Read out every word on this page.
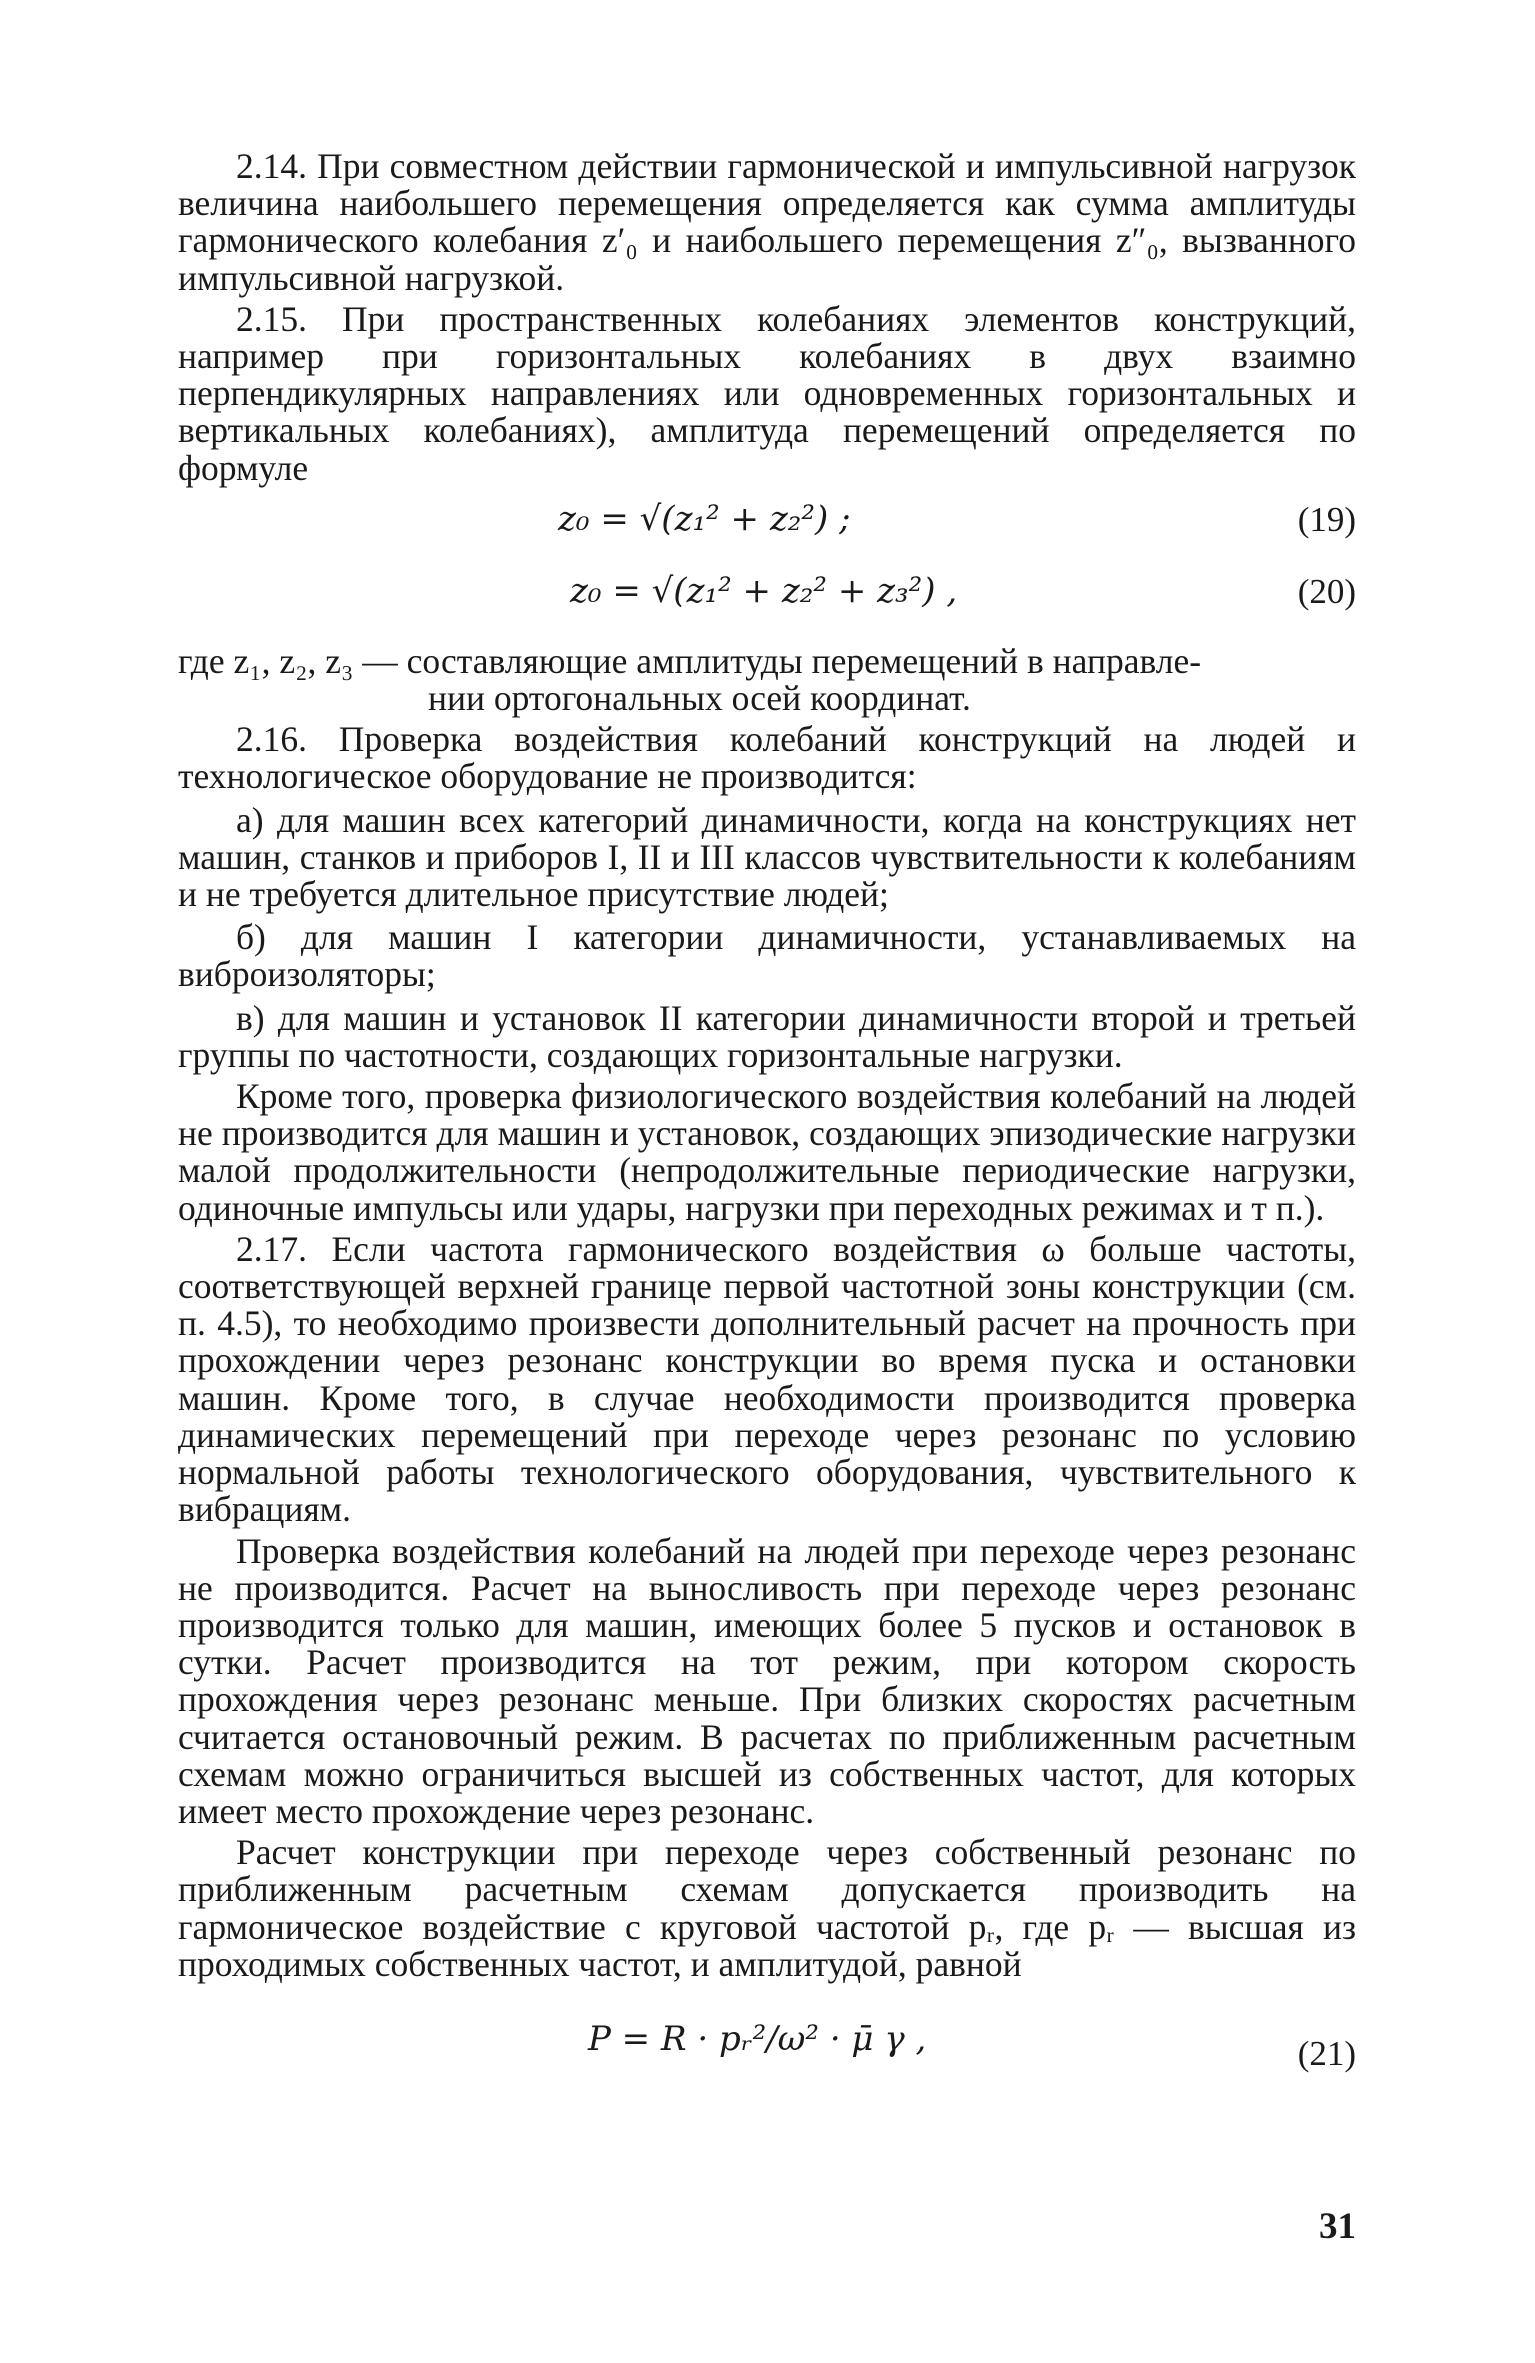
2.14. При совместном действии гармонической и импульсивной нагрузок величина наибольшего перемещения определяется как сумма амплитуды гармонического колебания z′₀ и наибольшего перемещения z″₀, вызванного импульсивной нагрузкой.

2.15. При пространственных колебаниях элементов конструкций, например при горизонтальных колебаниях в двух взаимно перпендикулярных направлениях или одновременных горизонтальных и вертикальных колебаниях), амплитуда перемещений определяется по формуле

z₀ = √(z₁² + z₂²) ;	(19)
z₀ = √(z₁² + z₂² + z₃²) ,	(20)
где z₁, z₂, z₃ — составляющие амплитуды перемещений в направле-
нии ортогональных осей координат.

2.16. Проверка воздействия колебаний конструкций на людей и технологическое оборудование не производится:

а) для машин всех категорий динамичности, когда на конструкциях нет машин, станков и приборов I, II и III классов чувствительности к колебаниям и не требуется длительное присутствие людей;

б) для машин I категории динамичности, устанавливаемых на виброизоляторы;

в) для машин и установок II категории динамичности второй и третьей группы по частотности, создающих горизонтальные нагрузки.

Кроме того, проверка физиологического воздействия колебаний на людей не производится для машин и установок, создающих эпизодические нагрузки малой продолжительности (непродолжительные периодические нагрузки, одиночные импульсы или удары, нагрузки при переходных режимах и т п.).

2.17. Если частота гармонического воздействия ω больше частоты, соответствующей верхней границе первой частотной зоны конструкции (см. п. 4.5), то необходимо произвести дополнительный расчет на прочность при прохождении через резонанс конструкции во время пуска и остановки машин. Кроме того, в случае необходимости производится проверка динамических перемещений при переходе через резонанс по условию нормальной работы технологического оборудования, чувствительного к вибрациям.

Проверка воздействия колебаний на людей при переходе через резонанс не производится. Расчет на выносливость при переходе через резонанс производится только для машин, имеющих более 5 пусков и остановок в сутки. Расчет производится на тот режим, при котором скорость прохождения через резонанс меньше. При близких скоростях расчетным считается остановочный режим. В расчетах по приближенным расчетным схемам можно ограничиться высшей из собственных частот, для которых имеет место прохождение через резонанс.

Расчет конструкции при переходе через собственный резонанс по приближенным расчетным схемам допускается производить на гармоническое воздействие с круговой частотой pᵣ, где pᵣ — высшая из проходимых собственных частот, и амплитудой, равной

P = R · pᵣ²/ω² · μ̄ γ ,	(21)
31
